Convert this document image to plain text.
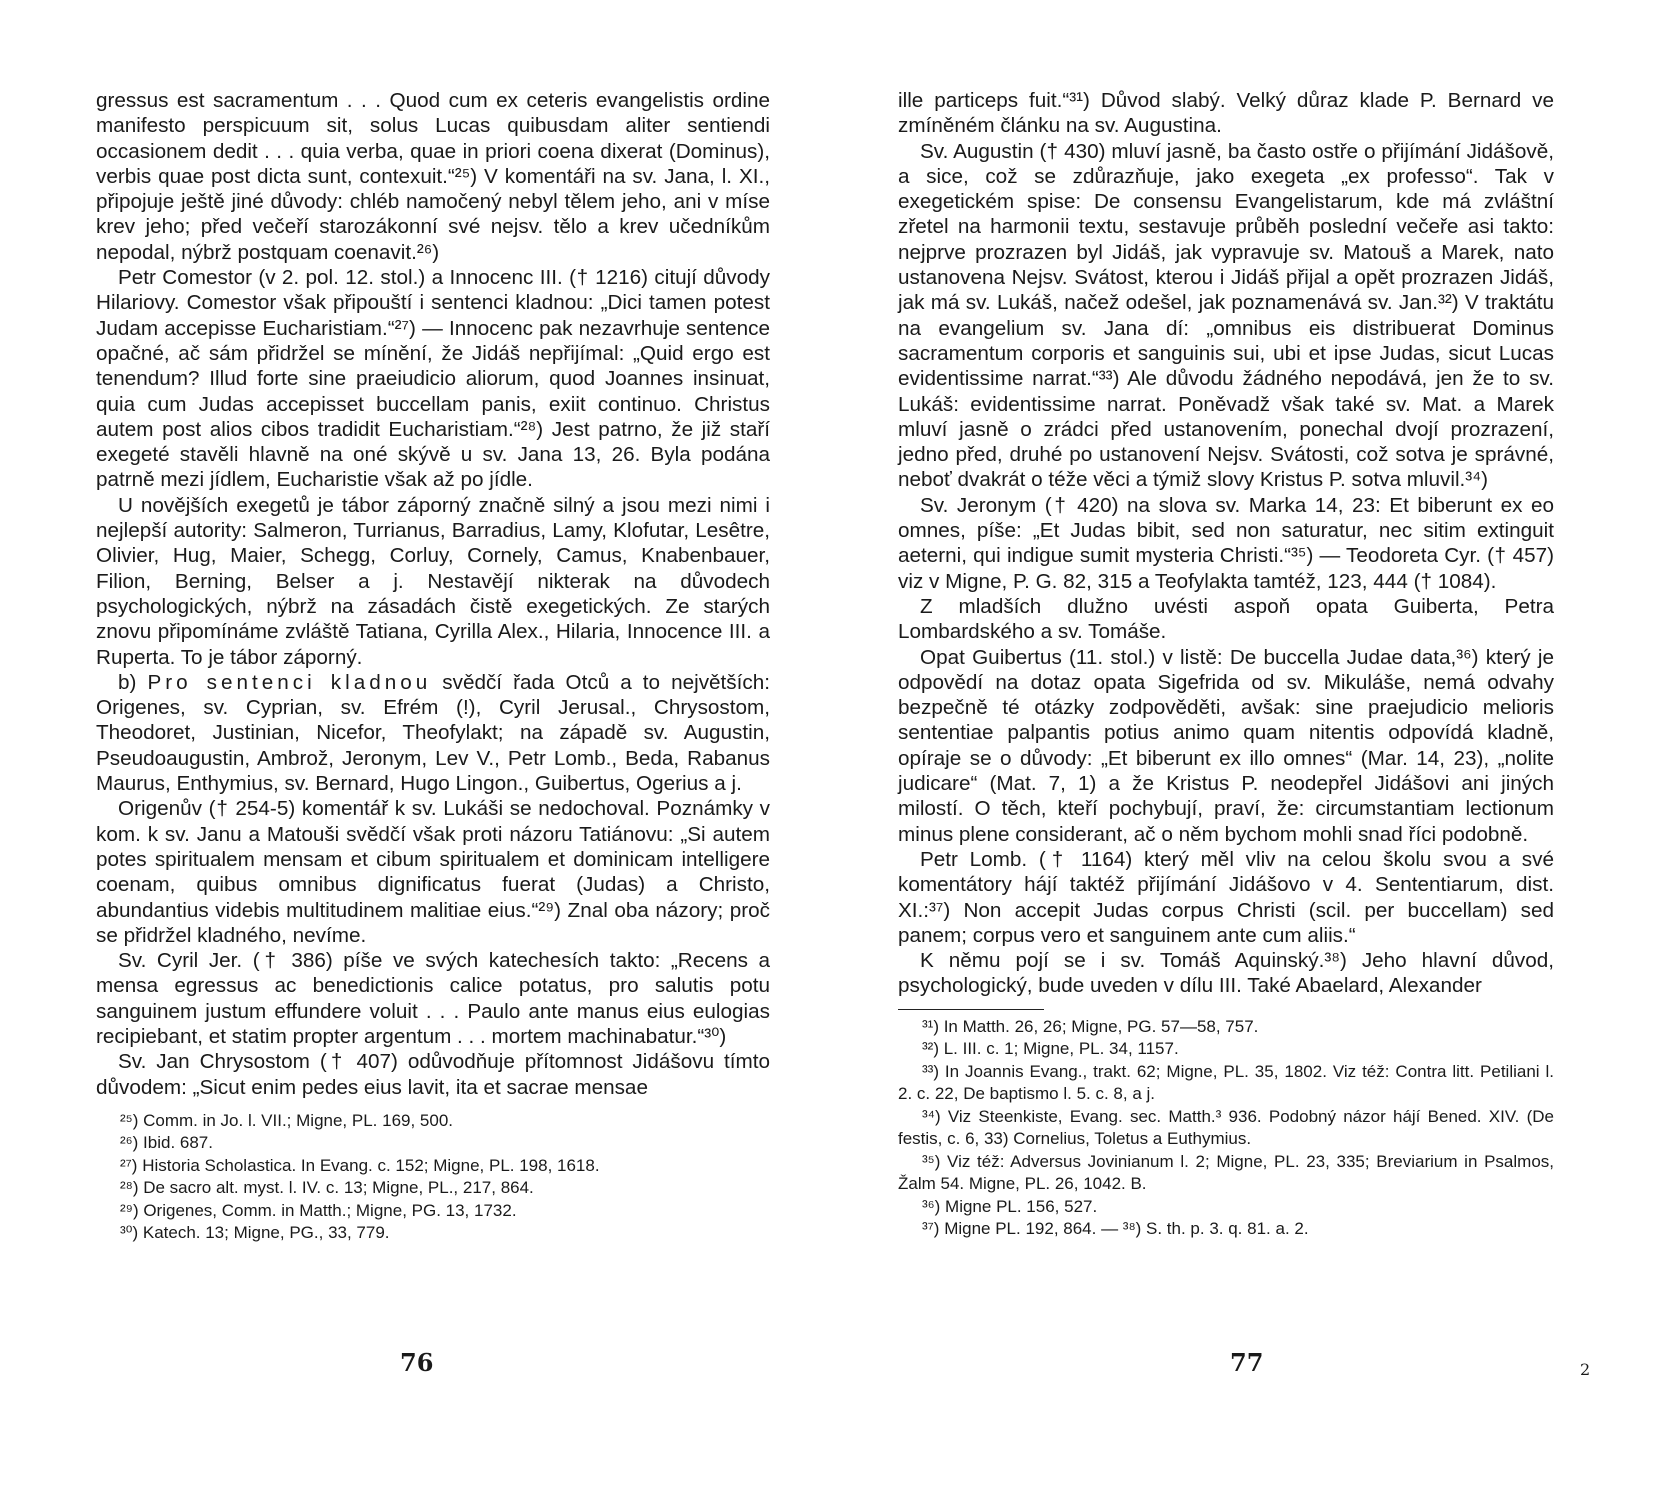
gressus est sacramentum . . . Quod cum ex ceteris evangelistis ordine manifesto perspicuum sit, solus Lucas quibusdam aliter sentiendi occasionem dedit . . . quia verba, quae in priori coena dixerat (Dominus), verbis quae post dicta sunt, contexuit.“²⁵) V komentáři na sv. Jana, l. XI., připojuje ještě jiné důvody: chléb namočený nebyl tělem jeho, ani v míse krev jeho; před večeří starozákonní své nejsv. tělo a krev učedníkům nepodal, nýbrž postquam coenavit.²⁶)

Petr Comestor (v 2. pol. 12. stol.) a Innocenc III. († 1216) citují důvody Hilariovy. Comestor však připouští i sentenci kladnou: „Dici tamen potest Judam accepisse Eucharistiam.“²⁷) — Innocenc pak nezavrhuje sentence opačné, ač sám přidržel se mínění, že Jidáš nepřijímal: „Quid ergo est tenendum? Illud forte sine praeiudicio aliorum, quod Joannes insinuat, quia cum Judas accepisset buccellam panis, exiit continuo. Christus autem post alios cibos tradidit Eucharistiam.“²⁸) Jest patrno, že již staří exegeté stavěli hlavně na oné skývě u sv. Jana 13, 26. Byla podána patrně mezi jídlem, Eucharistie však až po jídle.

U novějších exegetů je tábor záporný značně silný a jsou mezi nimi i nejlepší autority: Salmeron, Turrianus, Barradius, Lamy, Klofutar, Lesêtre, Olivier, Hug, Maier, Schegg, Corluy, Cornely, Camus, Knabenbauer, Filion, Berning, Belser a j. Nestavějí nikterak na důvodech psychologických, nýbrž na zásadách čistě exegetických. Ze starých znovu připomínáme zvláště Tatiana, Cyrilla Alex., Hilaria, Innocence III. a Ruperta. To je tábor záporný.

b) Pro sentenci kladnou svědčí řada Otců a to největších: Origenes, sv. Cyprian, sv. Efrém (!), Cyril Jerusal., Chrysostom, Theodoret, Justinian, Nicefor, Theofylakt; na západě sv. Augustin, Pseudoaugustin, Ambrož, Jeronym, Lev V., Petr Lomb., Beda, Rabanus Maurus, Enthymius, sv. Bernard, Hugo Lingon., Guibertus, Ogerius a j.

Origenův († 254-5) komentář k sv. Lukáši se nedochoval. Poznámky v kom. k sv. Janu a Matouši svědčí však proti názoru Tatiánovu: „Si autem potes spiritualem mensam et cibum spiritualem et dominicam intelligere coenam, quibus omnibus dignificatus fuerat (Judas) a Christo, abundantius videbis multitudinem malitiae eius.“²⁹) Znal oba názory; proč se přidržel kladného, nevíme.

Sv. Cyril Jer. († 386) píše ve svých katechesích takto: „Recens a mensa egressus ac benedictionis calice potatus, pro salutis potu sanguinem justum effundere voluit . . . Paulo ante manus eius eulogias recipiebant, et statim propter argentum . . . mortem machinabatur.“³⁰)

Sv. Jan Chrysostom († 407) odůvodňuje přítomnost Jidášovu tímto důvodem: „Sicut enim pedes eius lavit, ita et sacrae mensae

²⁵) Comm. in Jo. l. VII.; Migne, PL. 169, 500.

²⁶) Ibid. 687.

²⁷) Historia Scholastica. In Evang. c. 152; Migne, PL. 198, 1618.

²⁸) De sacro alt. myst. l. IV. c. 13; Migne, PL., 217, 864.

²⁹) Origenes, Comm. in Matth.; Migne, PG. 13, 1732.

³⁰) Katech. 13; Migne, PG., 33, 779.

ille particeps fuit.“³¹) Důvod slabý. Velký důraz klade P. Bernard ve zmíněném článku na sv. Augustina.

Sv. Augustin († 430) mluví jasně, ba často ostře o přijímání Jidášově, a sice, což se zdůrazňuje, jako exegeta „ex professo“. Tak v exegetickém spise: De consensu Evangelistarum, kde má zvláštní zřetel na harmonii textu, sestavuje průběh poslední večeře asi takto: nejprve prozrazen byl Jidáš, jak vypravuje sv. Matouš a Marek, nato ustanovena Nejsv. Svátost, kterou i Jidáš přijal a opět prozrazen Jidáš, jak má sv. Lukáš, načež odešel, jak poznamenává sv. Jan.³²) V traktátu na evangelium sv. Jana dí: „omnibus eis distribuerat Dominus sacramentum corporis et sanguinis sui, ubi et ipse Judas, sicut Lucas evidentissime narrat.“³³) Ale důvodu žádného nepodává, jen že to sv. Lukáš: evidentissime narrat. Poněvadž však také sv. Mat. a Marek mluví jasně o zrádci před ustanovením, ponechal dvojí prozrazení, jedno před, druhé po ustanovení Nejsv. Svátosti, což sotva je správné, neboť dvakrát o téže věci a týmiž slovy Kristus P. sotva mluvil.³⁴)

Sv. Jeronym († 420) na slova sv. Marka 14, 23: Et biberunt ex eo omnes, píše: „Et Judas bibit, sed non saturatur, nec sitim extinguit aeterni, qui indigue sumit mysteria Christi.“³⁵) — Teodoreta Cyr. († 457) viz v Migne, P. G. 82, 315 a Teofylakta tamtéž, 123, 444 († 1084).

Z mladších dlužno uvésti aspoň opata Guiberta, Petra Lombardského a sv. Tomáše.

Opat Guibertus (11. stol.) v listě: De buccella Judae data,³⁶) který je odpovědí na dotaz opata Sigefrida od sv. Mikuláše, nemá odvahy bezpečně té otázky zodpověděti, avšak: sine praejudicio melioris sententiae palpantis potius animo quam nitentis odpovídá kladně, opíraje se o důvody: „Et biberunt ex illo omnes“ (Mar. 14, 23), „nolite judicare“ (Mat. 7, 1) a že Kristus P. neodepřel Jidášovi ani jiných milostí. O těch, kteří pochybují, praví, že: circumstantiam lectionum minus plene considerant, ač o něm bychom mohli snad říci podobně.

Petr Lomb. († 1164) který měl vliv na celou školu svou a své komentátory hájí taktéž přijímání Jidášovo v 4. Sententiarum, dist. XI.:³⁷) Non accepit Judas corpus Christi (scil. per buccellam) sed panem; corpus vero et sanguinem ante cum aliis.“

K němu pojí se i sv. Tomáš Aquinský.³⁸) Jeho hlavní důvod, psychologický, bude uveden v dílu III. Také Abaelard, Alexander

³¹) In Matth. 26, 26; Migne, PG. 57—58, 757.

³²) L. III. c. 1; Migne, PL. 34, 1157.

³³) In Joannis Evang., trakt. 62; Migne, PL. 35, 1802. Viz též: Contra litt. Petiliani l. 2. c. 22, De baptismo l. 5. c. 8, a j.

³⁴) Viz Steenkiste, Evang. sec. Matth.³ 936. Podobný názor hájí Bened. XIV. (De festis, c. 6, 33) Cornelius, Toletus a Euthymius.

³⁵) Viz též: Adversus Jovinianum l. 2; Migne, PL. 23, 335; Breviarium in Psalmos, Žalm 54. Migne, PL. 26, 1042. B.

³⁶) Migne PL. 156, 527.

³⁷) Migne PL. 192, 864. — ³⁸) S. th. p. 3. q. 81. a. 2.

76	77	2
